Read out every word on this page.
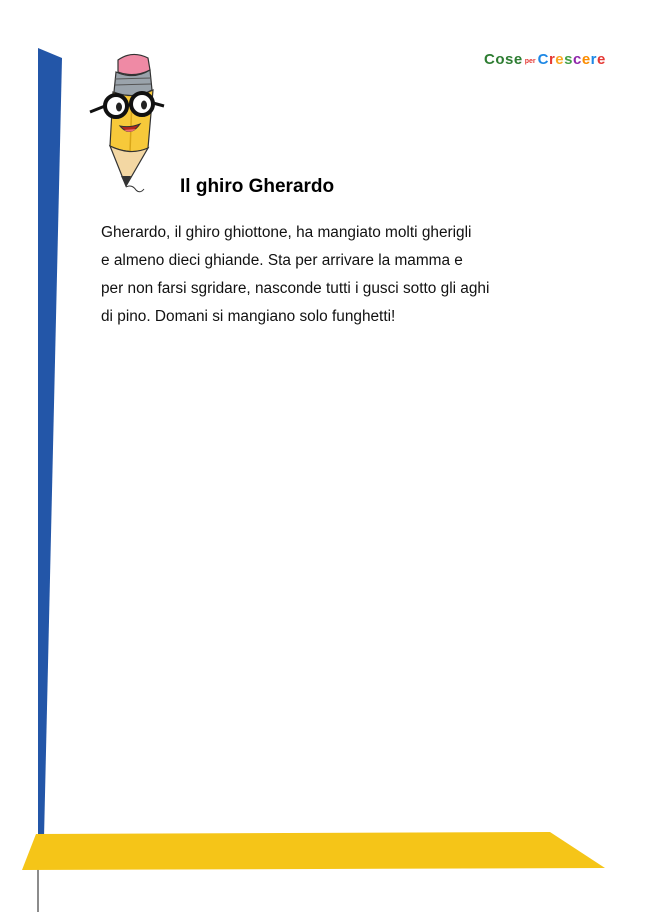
Cose per Crescere
Il ghiro Gherardo
Gherardo, il ghiro ghiottone, ha mangiato molti gherigli
e almeno dieci ghiande. Sta per arrivare la mamma e
per non farsi sgridare, nasconde tutti i gusci sotto gli aghi
di pino. Domani si mangiano solo funghetti!
